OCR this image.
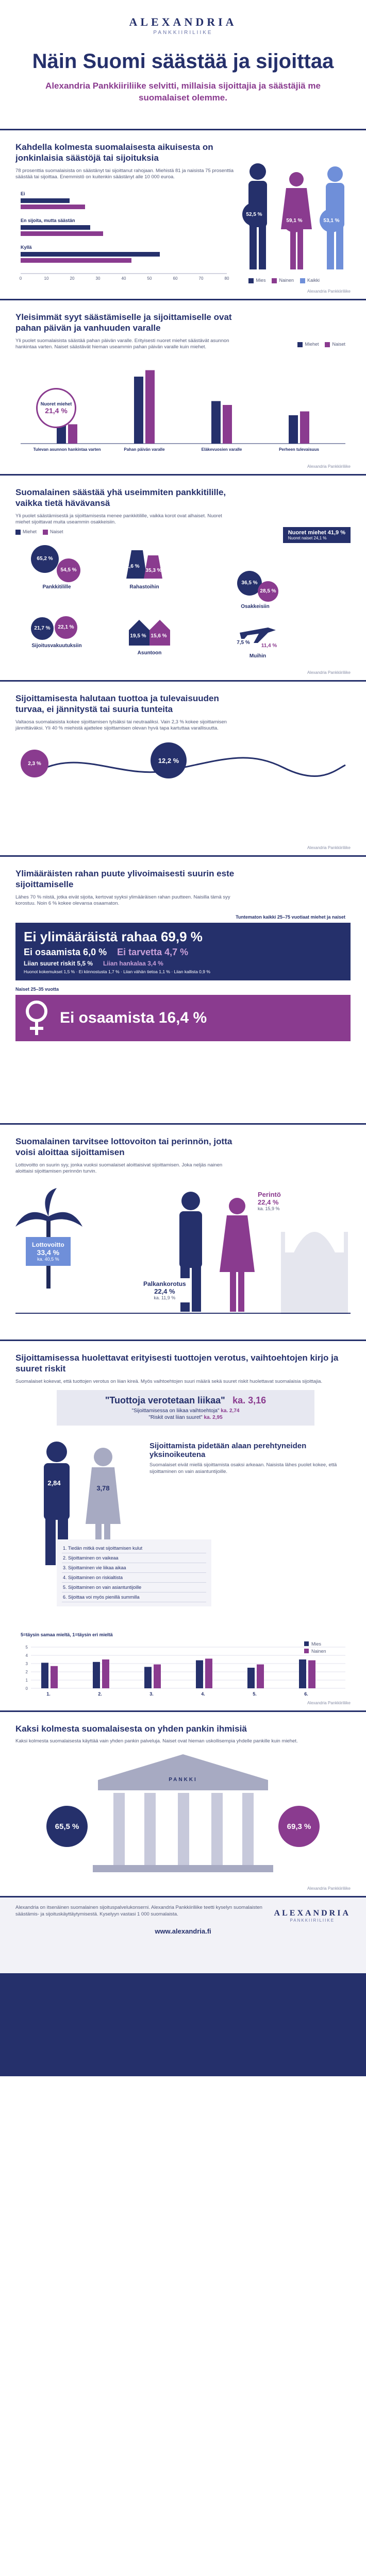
ALEXANDRIA
PANKKIIRILIIKE
Näin Suomi säästää ja sijoittaa
Alexandria Pankkiiriliike selvitti, millaisia sijoittajia ja säästäjiä me suomalaiset olemme.
Kahdella kolmesta suomalaisesta aikuisesta on jonkinlaisia säästöjä tai sijoituksia
78 prosenttia suomalaisista on säästänyt tai sijoittanut rahojaan. Miehistä 81 ja naisista 75 prosenttia säästää tai sijoittaa. Enemmistö on kuitenkin säästänyt alle 10 000 euroa.
Ei
En sijoita, mutta säästän
Kyllä
0	10	20	30	40	50	60	70	80
52,5 %
59,1 %	53,1 %
Mies	Nainen	Kaikki
Alexandria Pankkiiriliike
Yleisimmät syyt säästämiselle ja sijoittamiselle ovat pahan päivän ja vanhuuden varalle
Yli puolet suomalaisista säästää pahan päivän varalle. Erityisesti nuoret miehet säästävät asunnon hankintaa varten. Naiset säästävät hieman useammin pahan päivän varalle kuin miehet.
Miehet	Naiset
Tulevan asunnon hankintaa varten	Pahan päivän varalle	Eläkevuosien varalle	Perheen tulevaisuus
Nuoret miehet
21,4 %
Alexandria Pankkiiriliike
Suomalainen säästää yhä useimmiten pankkitilille, vaikka tietä hävävansä
Yli puolet säästämisestä ja sijoittamisesta menee pankkitilille, vaikka korot ovat alhaiset. Nuoret miehet sijoittavat muita useammin osakkeisiin.
Miehet	Naiset	Nuoret miehet 41,9 %
Nuoret naiset 24,1 %
65,2 %
54,5 %
Pankkitilille
42,6 %
35,3 %
Rahastoihin
36,5 %
28,5 %
Osakkeisiin
21,7 %	22,1 %
Sijoitusvakuutuksiin
19,5 % 15,6 %
Asuntoon
7,5 %
11,4 %
Muihin
Alexandria Pankkiiriliike
Sijoittamisesta halutaan tuottoa ja tulevaisuuden turvaa, ei jännitystä tai suuria tunteita
Valtaosa suomalaisista kokee sijoittamisen tylsäksi tai neutraaliksi. Vain 2,3 % kokee sijoittamisen jännittäväksi. Yli 40 % miehistä ajattelee sijoittamisen olevan hyvä tapa kartuttaa varallisuutta.
2,3 %	12,2 %
Alexandria Pankkiiriliike
Ylimääräisten rahan puute ylivoimaisesti suurin este sijoittamiselle
Lähes 70 % niistä, jotka eivät sijoita, kertovat syyksi ylimääräisen rahan puutteen. Naisilla tämä syy korostuu. Noin 6 % kokee olevansa osaamaton.
Tuntematon kaikki 25–75 vuotiaat miehet ja naiset
Ei ylimääräistä rahaa 69,9 %
Ei osaamista 6,0 % Ei tarvetta 4,7 %
Liian suuret riskit 5,5 % Liian hankalaa 3,4 %
Huonot kokemukset 1,5 % · Ei kiinnostusta 1,7 % · Liian vähän tietoa 1,1 % · Liian kallista 0,9 %
Naiset 25–35 vuotta
Ei osaamista 16,4 %
Suomalainen tarvitsee lottovoiton tai perinnön, jotta voisi aloittaa sijoittamisen
Lottovoitto on suurin syy, jonka vuoksi suomalaiset aloittaisivat sijoittamisen. Joka neljäs nainen aloittaisi sijoittamisen perinnön turvin.
Lottovoitto
33,4 %
ka. 40,5 %
Perintö
22,4 %
ka. 15,9 %
Palkankorotus
22,4 %
ka. 11,9 %
Sijoittamisessa huolettavat erityisesti tuottojen verotus, vaihtoehtojen kirjo ja suuret riskit
Suomalaiset kokevat, että tuottojen verotus on liian kireä. Myös vaihtoehtojen suuri määrä sekä suuret riskit huolettavat suomalaisia sijoittajia.
"Tuottoja verotetaan liikaa" ka. 3,16
"Sijoittamisessa on liikaa vaihtoehtoja" ka. 2,74
"Riskit ovat liian suuret" ka. 2,95
2,84
3,78
Sijoittamista pidetään alaan perehtyneiden yksinoikeutena
Suomalaiset eivät miellä sijoittamista osaksi arkeaan. Naisista lähes puolet kokee, että sijoittaminen on vain asiantuntijoille.
1. Tiedän mitkä ovat sijoittamisen kulut
2. Sijoittaminen on vaikeaa
3. Sijoittaminen vie liikaa aikaa
4. Sijoittaminen on riskialtista
5. Sijoittaminen on vain asiantuntijoille
6. Sijoittaa voi myös pienillä summilla
5=täysin samaa mieltä, 1=täysin eri mieltä
0
1
2
3
4
5
1.	2.	3.	4.	5.	6.
Mies
Nainen
Alexandria Pankkiiriliike
Kaksi kolmesta suomalaisesta on yhden pankin ihmisiä
Kaksi kolmesta suomalaisesta käyttää vain yhden pankin palveluja. Naiset ovat hieman uskollisempia yhdelle pankille kuin miehet.
PANKKI
65,5 %	69,3 %
Alexandria Pankkiiriliike
Alexandria on itsenäinen suomalainen sijoituspalvelukonserni. Alexandria Pankkiiriliike teetti kyselyn suomalaisten säästämis- ja sijoituskäyttäytymisestä. Kyselyyn vastasi 1 000 suomalaista.	ALEXANDRIA
PANKKIIRILIIKE
www.alexandria.fi
